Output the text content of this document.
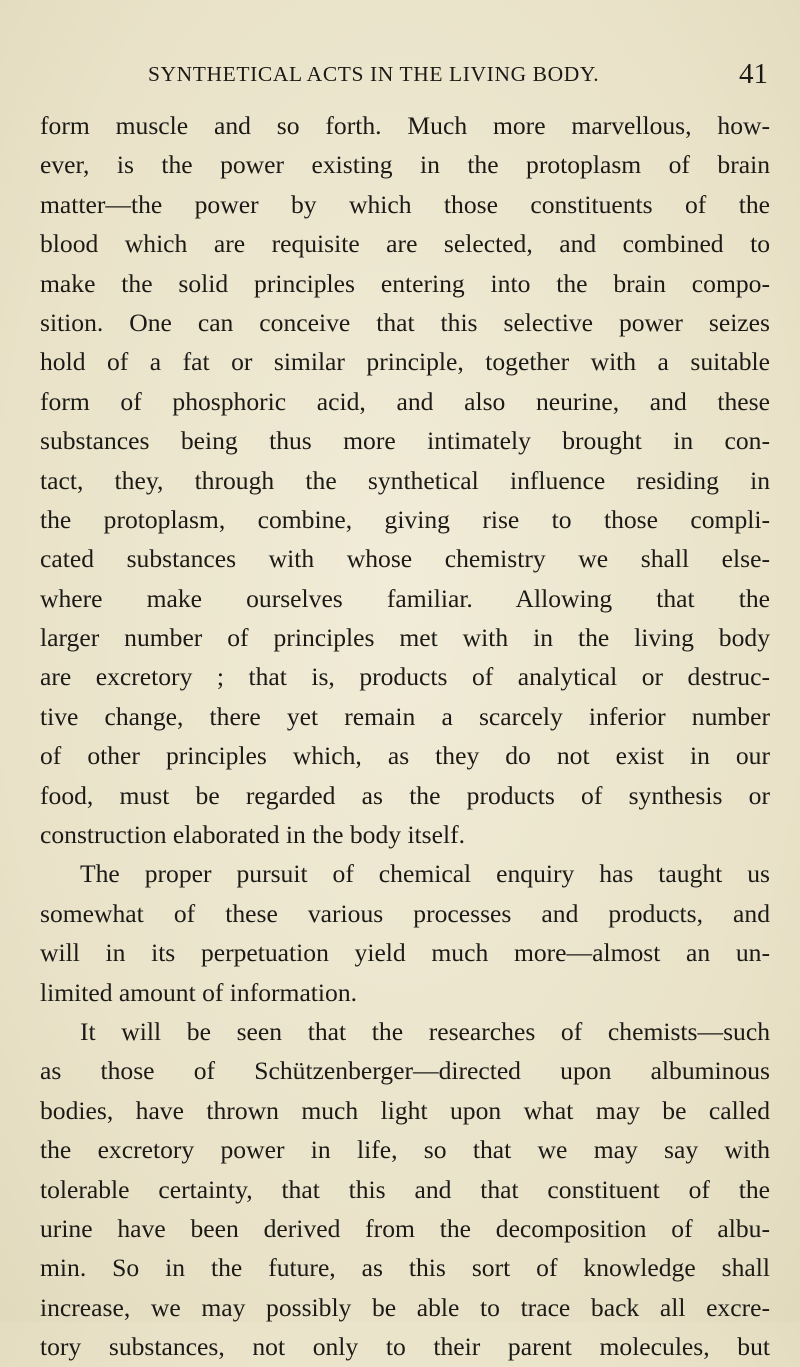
SYNTHETICAL ACTS IN THE LIVING BODY.	41
form muscle and so forth. Much more marvellous, how-
ever, is the power existing in the protoplasm of brain
matter—the power by which those constituents of the
blood which are requisite are selected, and combined to
make the solid principles entering into the brain compo-
sition. One can conceive that this selective power seizes
hold of a fat or similar principle, together with a suitable
form of phosphoric acid, and also neurine, and these
substances being thus more intimately brought in con-
tact, they, through the synthetical influence residing in
the protoplasm, combine, giving rise to those compli-
cated substances with whose chemistry we shall else-
where make ourselves familiar. Allowing that the
larger number of principles met with in the living body
are excretory ; that is, products of analytical or destruc-
tive change, there yet remain a scarcely inferior number
of other principles which, as they do not exist in our
food, must be regarded as the products of synthesis or
construction elaborated in the body itself.
The proper pursuit of chemical enquiry has taught us
somewhat of these various processes and products, and
will in its perpetuation yield much more—almost an un-
limited amount of information.
It will be seen that the researches of chemists—such
as those of Schützenberger—directed upon albuminous
bodies, have thrown much light upon what may be called
the excretory power in life, so that we may say with
tolerable certainty, that this and that constituent of the
urine have been derived from the decomposition of albu-
min. So in the future, as this sort of knowledge shall
increase, we may possibly be able to trace back all excre-
tory substances, not only to their parent molecules, but
